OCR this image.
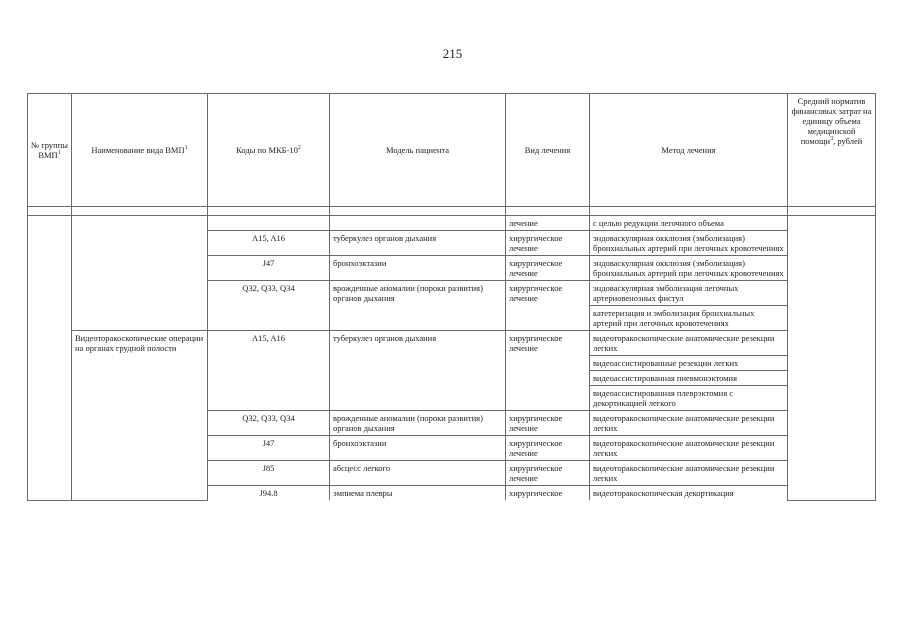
215
№ группы ВМП$^1$	Наименование вида ВМП$^1$	Коды по МКБ-$10^2$	Модель пациента	Вид лечения	Метод лечения	Средний норматив финансовых затрат на единицу объема медицинской помощи$^3$, рублей

				лечение	с целью редукции легочного объема	
		A15, A16	туберкулез органов дыхания	хирургическое лечение	эндоваскулярная окклюзия (эмболизация) бронхиальных артерий при легочных кровотечениях	
		J47	бронхоэктазии	хирургическое лечение	эндоваскулярная окклюзия (эмболизация) бронхиальных артерий при легочных кровотечениях	
		Q32, Q33, Q34	врожденные аномалии (пороки развития) органов дыхания	хирургическое лечение	эндоваскулярная эмболизация легочных артериовенозных фистул	
					катетеризация и эмболизация бронхиальных артерий при легочных кровотечениях	
	Видеоторакоскопические операции на органах грудной полости	A15, A16	туберкулез органов дыхания	хирургическое лечение	видеоторакоскопические анатомические резекции легких	
					видеоассистированные резекции легких	
					видеоассистированная пневмонэктомия	
					видеоассистированная плеврэктомия с декортикацией легкого	
		Q32, Q33, Q34	врожденные аномалии (пороки развития) органов дыхания	хирургическое лечение	видеоторакоскопические анатомические резекции легких	
		J47	бронхоэктазии	хирургическое лечение	видеоторакоскопические анатомические резекции легких	
		J85	абсцесс легкого	хирургическое лечение	видеоторакоскопические анатомические резекции легких	
		J94.8	эмпиема плевры	хирургическое	видеоторакоскопическая декортикация	
